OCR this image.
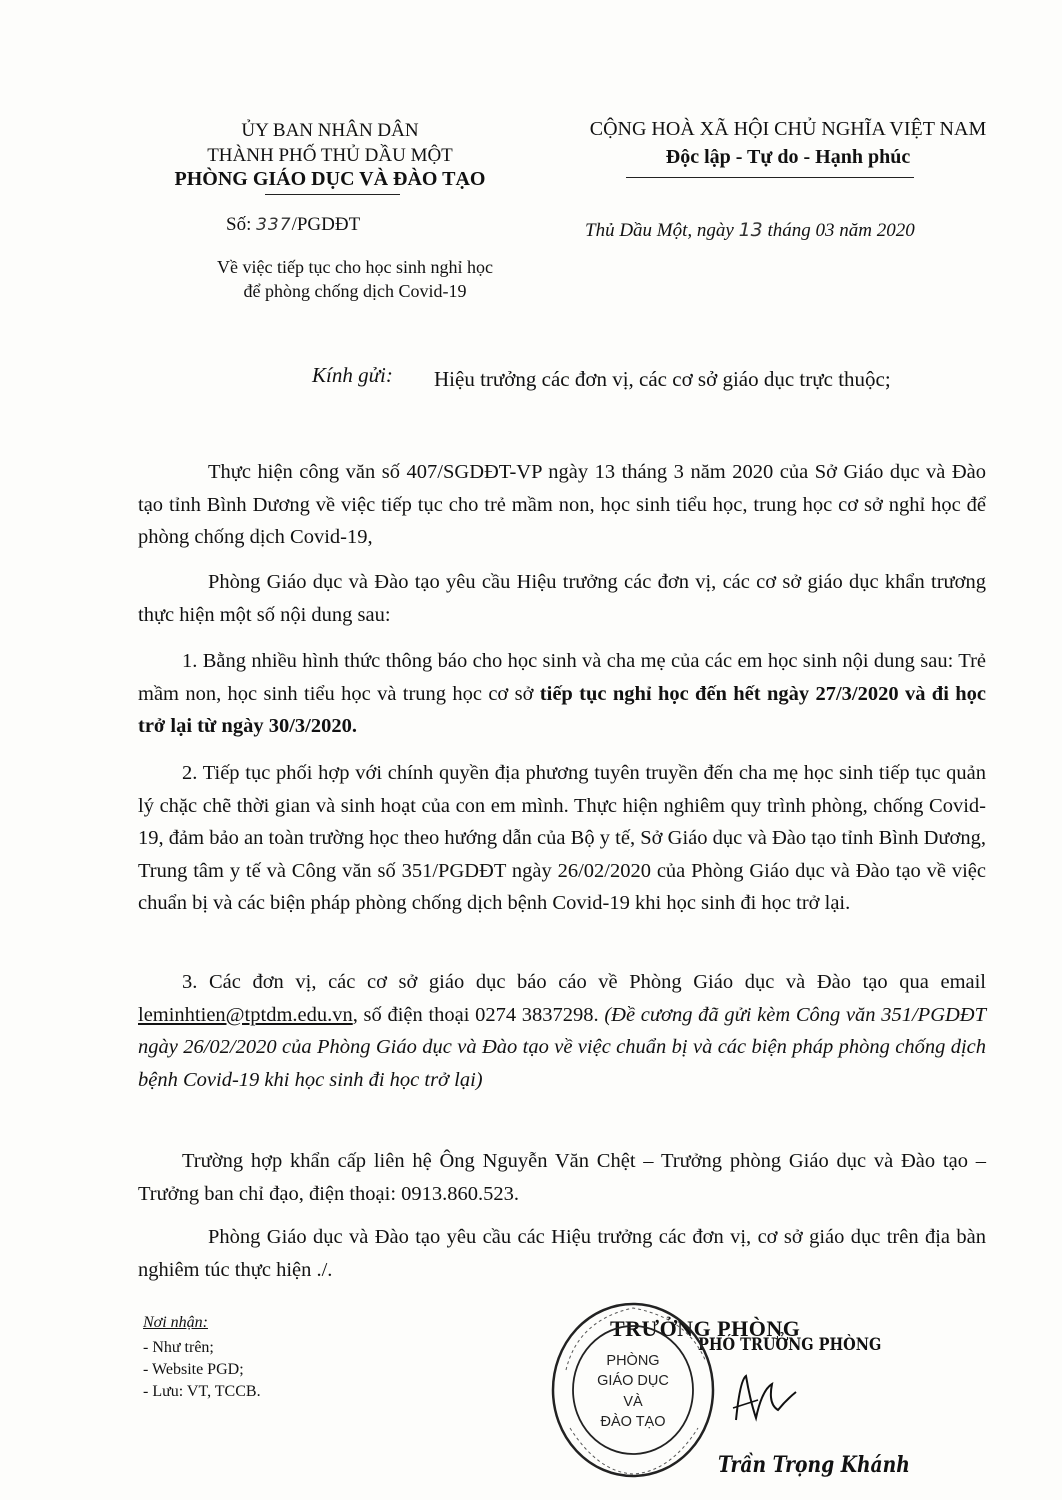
ỦY BAN NHÂN DÂN
THÀNH PHỐ THỦ DẦU MỘT
PHÒNG GIÁO DỤC VÀ ĐÀO TẠO
Số: 337/PGDĐT
Về việc tiếp tục cho học sinh nghỉ học
để phòng chống dịch Covid-19
CỘNG HOÀ XÃ HỘI CHỦ NGHĨA VIỆT NAM
Độc lập - Tự do - Hạnh phúc
Thủ Dầu Một, ngày 13 tháng 03 năm 2020
Kính gửi: Hiệu trưởng các đơn vị, các cơ sở giáo dục trực thuộc;
Thực hiện công văn số 407/SGDĐT-VP ngày 13 tháng 3 năm 2020 của Sở Giáo dục và Đào tạo tỉnh Bình Dương về việc tiếp tục cho trẻ mầm non, học sinh tiểu học, trung học cơ sở nghỉ học để phòng chống dịch Covid-19,
Phòng Giáo dục và Đào tạo yêu cầu Hiệu trưởng các đơn vị, các cơ sở giáo dục khẩn trương thực hiện một số nội dung sau:
1. Bằng nhiều hình thức thông báo cho học sinh và cha mẹ của các em học sinh nội dung sau: Trẻ mầm non, học sinh tiểu học và trung học cơ sở tiếp tục nghỉ học đến hết ngày 27/3/2020 và đi học trở lại từ ngày 30/3/2020.
2. Tiếp tục phối hợp với chính quyền địa phương tuyên truyền đến cha mẹ học sinh tiếp tục quản lý chặc chẽ thời gian và sinh hoạt của con em mình. Thực hiện nghiêm quy trình phòng, chống Covid-19, đảm bảo an toàn trường học theo hướng dẫn của Bộ y tế, Sở Giáo dục và Đào tạo tỉnh Bình Dương, Trung tâm y tế và Công văn số 351/PGDĐT ngày 26/02/2020 của Phòng Giáo dục và Đào tạo về việc chuẩn bị và các biện pháp phòng chống dịch bệnh Covid-19 khi học sinh đi học trở lại.
3. Các đơn vị, các cơ sở giáo dục báo cáo về Phòng Giáo dục và Đào tạo qua email leminhtien@tptdm.edu.vn, số điện thoại 0274 3837298. (Đề cương đã gửi kèm Công văn 351/PGDĐT ngày 26/02/2020 của Phòng Giáo dục và Đào tạo về việc chuẩn bị và các biện pháp phòng chống dịch bệnh Covid-19 khi học sinh đi học trở lại)
Trường hợp khẩn cấp liên hệ Ông Nguyễn Văn Chệt – Trưởng phòng Giáo dục và Đào tạo – Trưởng ban chỉ đạo, điện thoại: 0913.860.523.
Phòng Giáo dục và Đào tạo yêu cầu các Hiệu trưởng các đơn vị, cơ sở giáo dục trên địa bàn nghiêm túc thực hiện ./.
Nơi nhận:
- Như trên;
- Website PGD;
- Lưu: VT, TCCB.
TRƯỞNG PHÒNG
PHÓ TRƯỞNG PHÒNG
PHÒNG
GIÁO DỤC
VÀ
ĐÀO TẠO
Trần Trọng Khánh
